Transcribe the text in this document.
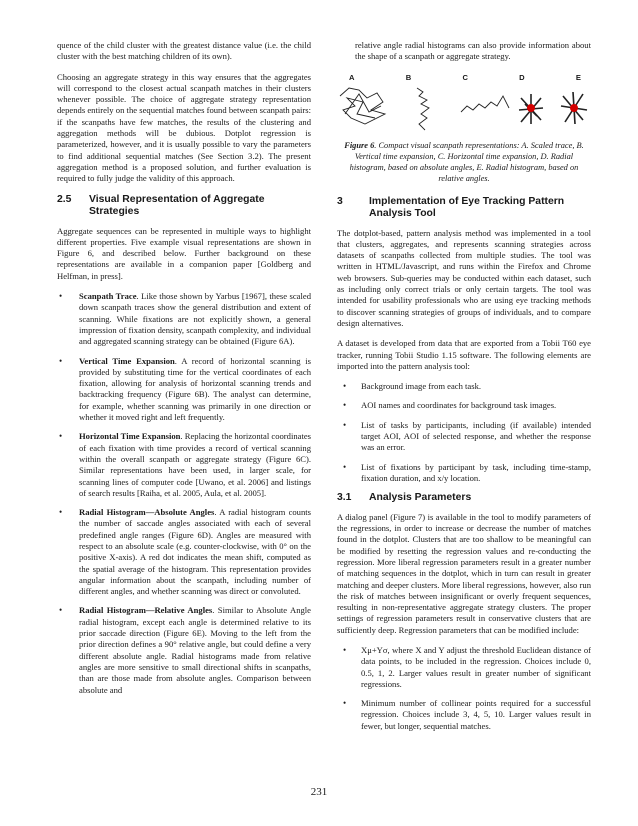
quence of the child cluster with the greatest distance value (i.e. the child cluster with the best matching children of its own).

Choosing an aggregate strategy in this way ensures that the aggregates will correspond to the closest actual scanpath matches in their clusters whenever possible. The choice of aggregate strategy representation depends entirely on the sequential matches found between scanpath pairs: if the scanpaths have few matches, the results of the clustering and aggregation methods will be dubious. Dotplot regression is parameterized, however, and it is usually possible to vary the parameters to find additional sequential matches (See Section 3.2). The present aggregation method is a proposed solution, and further evaluation is required to fully judge the validity of this approach.

2.5	Visual Representation of Aggregate Strategies

Aggregate sequences can be represented in multiple ways to highlight different properties. Five example visual representations are shown in Figure 6, and described below. Further background on these representations are available in a companion paper [Goldberg and Helfman, in press].

•	Scanpath Trace. Like those shown by Yarbus [1967], these scaled down scanpath traces show the general distribution and extent of scanning. While fixations are not explicitly shown, a general impression of fixation density, scanpath complexity, and individual and aggregated scanning strategy can be obtained (Figure 6A).
•	Vertical Time Expansion. A record of horizontal scanning is provided by substituting time for the vertical coordinates of each fixation, allowing for analysis of horizontal scanning trends and backtracking frequency (Figure 6B). The analyst can determine, for example, whether scanning was primarily in one direction or whether it moved right and left frequently.
•	Horizontal Time Expansion. Replacing the horizontal coordinates of each fixation with time provides a record of vertical scanning within the overall scanpath or aggregate strategy (Figure 6C). Similar representations have been used, in larger scale, for scanning lines of computer code [Uwano, et al. 2006] and listings of search results [Raiha, et al. 2005, Aula, et al. 2005].
•	Radial Histogram—Absolute Angles. A radial histogram counts the number of saccade angles associated with each of several predefined angle ranges (Figure 6D). Angles are measured with respect to an absolute scale (e.g. counter-clockwise, with 0° on the positive X-axis). A red dot indicates the mean shift, computed as the spatial average of the histogram. This representation provides angular information about the scanpath, including number of different angles, and whether scanning was direct or convoluted.
•	Radial Histogram—Relative Angles. Similar to Absolute Angle radial histogram, except each angle is determined relative to its prior saccade direction (Figure 6E). Moving to the left from the prior direction defines a 90° relative angle, but could define a very different absolute angle. Radial histograms made from relative angles are more sensitive to small directional shifts in scanpaths, than are those made from absolute angles. Comparison between absolute and

relative angle radial histograms can also provide information about the shape of a scanpath or aggregate strategy.

A	B	C	D	E
Figure 6. Compact visual scanpath representations: A. Scaled trace, B. Vertical time expansion, C. Horizontal time expansion, D. Radial histogram, based on absolute angles, E. Radial histogram, based on relative angles.
3	Implementation of Eye Tracking Pattern Analysis Tool

The dotplot-based, pattern analysis method was implemented in a tool that clusters, aggregates, and represents scanning strategies across datasets of scanpaths collected from multiple studies. The tool was written in HTML/Javascript, and runs within the Firefox and Chrome web browsers. Sub-queries may be conducted within each dataset, such as including only correct trials or only certain targets. The tool was intended for usability professionals who are using eye tracking methods to discover scanning strategies of groups of individuals, and to compare design alternatives.

A dataset is developed from data that are exported from a Tobii T60 eye tracker, running Tobii Studio 1.15 software. The following elements are imported into the pattern analysis tool:

•	Background image from each task.
•	AOI names and coordinates for background task images.
•	List of tasks by participants, including (if available) intended target AOI, AOI of selected response, and whether the response was an error.
•	List of fixations by participant by task, including time-stamp, fixation duration, and x/y location.
3.1	Analysis Parameters

A dialog panel (Figure 7) is available in the tool to modify parameters of the regressions, in order to increase or decrease the number of matches found in the dotplot. Clusters that are too shallow to be meaningful can be modified by resetting the regression values and re-conducting the regression. More liberal regression parameters result in a greater number of matching sequences in the dotplot, which in turn can result in greater matching and deeper clusters. More liberal regressions, however, also run the risk of matches between insignificant or overly frequent sequences, resulting in non-representative aggregate strategy clusters. The proper settings of regression parameters result in conservative clusters that are sufficiently deep. Regression parameters that can be modified include:

•	Xμ+Yσ, where X and Y adjust the threshold Euclidean distance of data points, to be included in the regression. Choices include 0, 0.5, 1, 2. Larger values result in greater number of significant regressions.
•	Minimum number of collinear points required for a successful regression. Choices include 3, 4, 5, 10. Larger values result in fewer, but longer, sequential matches.
231
